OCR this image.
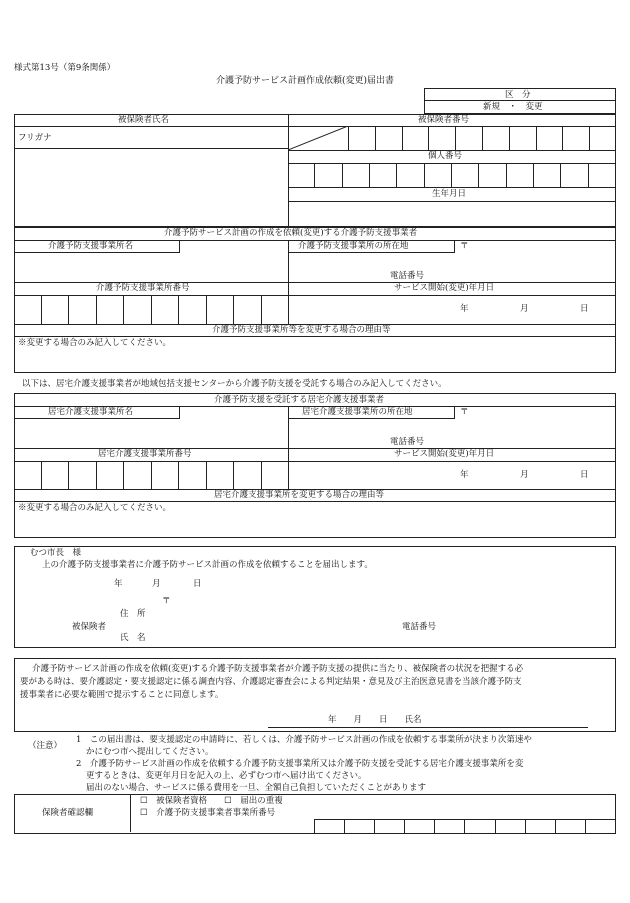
様式第13号（第9条関係）
介護予防サービス計画作成依頼(変更)届出書
区　分
新規　・　変更
被保険者氏名	被保険者番号
フリガナ
個人番号
生年月日
介護予防サービス計画の作成を依頼(変更)する介護予防支援事業者
介護予防支援事業所名	介護予防支援事業所の所在地	〒
電話番号
介護予防支援事業所番号	サービス開始(変更)年月日
年	月	日
介護予防支援事業所等を変更する場合の理由等
※変更する場合のみ記入してください。
以下は、居宅介護支援事業者が地域包括支援センターから介護予防支援を受託する場合のみ記入してください。
介護予防支援を受託する居宅介護支援事業者
居宅介護支援事業所名	居宅介護支援事業所の所在地	〒
電話番号
居宅介護支援事業所番号	サービス開始(変更)年月日
年	月	日
居宅介護支援事業所を変更する場合の理由等
※変更する場合のみ記入してください。
むつ市長　様
上の介護予防支援事業者に介護予防サービス計画の作成を依頼することを届出します。
年	月	日
〒
住　所
被保険者
氏　名
電話番号
介護予防サービス計画の作成を依頼(変更)する介護予防支援事業者が介護予防支援の提供に当たり、被保険者の状況を把握する必
要がある時は、要介護認定・要支援認定に係る調査内容、介護認定審査会による判定結果・意見及び主治医意見書を当該介護予防支
援事業者に必要な範囲で提示することに同意します。
年　　月　　日　　氏名
（注意）
1　この届出書は、要支援認定の申請時に、若しくは、介護予防サービス計画の作成を依頼する事業所が決まり次第速や
かにむつ市へ提出してください。
2　介護予防サービス計画の作成を依頼する介護予防支援事業所又は介護予防支援を受託する居宅介護支援事業所を変
更するときは、変更年月日を記入の上、必ずむつ市へ届け出てください。
届出のない場合、サービスに係る費用を一旦、全額自己負担していただくことがあります
保険者確認欄
☐　被保険者資格　　☐　届出の重複
☐　介護予防支援事業者事業所番号
